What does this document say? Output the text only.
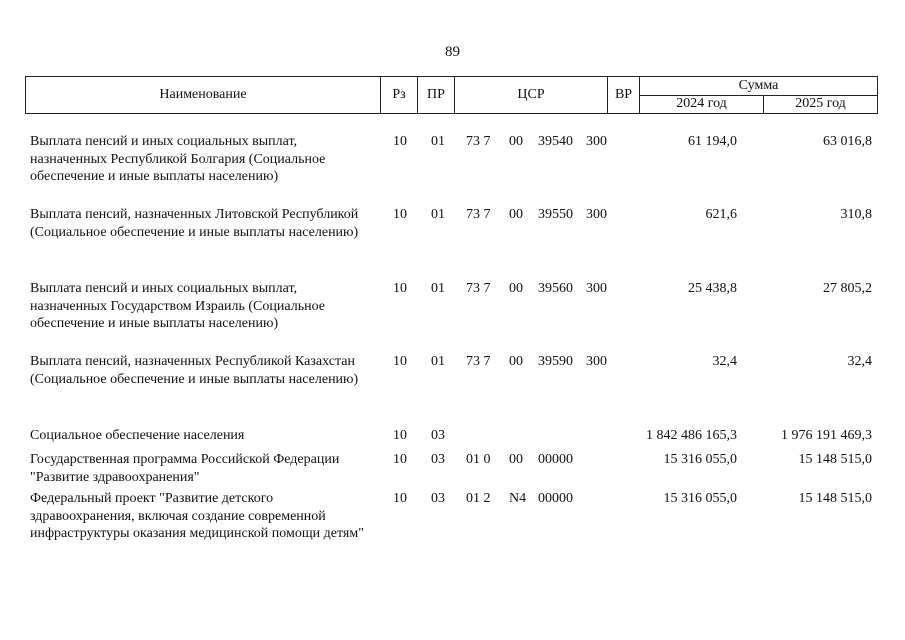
89
Наименование	Рз	ПР	ЦСР	ВР
Сумма
2024 год	2025 год
Выплата пенсий и иных социальных выплат, назначенных Республикой Болгария (Социальное обеспечение и иные выплаты населению)
10	01	73 7	00	39540 300	61 194,0	63 016,8
Выплата пенсий, назначенных Литовской Республикой (Социальное обеспечение и иные выплаты населению)
10	01	73 7	00	39550 300	621,6	310,8
Выплата пенсий и иных социальных выплат, назначенных Государством Израиль (Социальное обеспечение и иные выплаты населению)
10	01	73 7	00	39560 300	25 438,8	27 805,2
Выплата пенсий, назначенных Республикой Казахстан (Социальное обеспечение и иные выплаты населению)
10	01	73 7	00	39590 300	32,4	32,4
Социальное обеспечение населения	10	03	1 842 486 165,3	1 976 191 469,3
Государственная программа Российской Федерации "Развитие здравоохранения"
10	03	01 0	00	00000	15 316 055,0	15 148 515,0
Федеральный проект "Развитие детского здравоохранения, включая создание современной инфраструктуры оказания медицинской помощи детям"
10	03	01 2	N4 00000	15 316 055,0	15 148 515,0
